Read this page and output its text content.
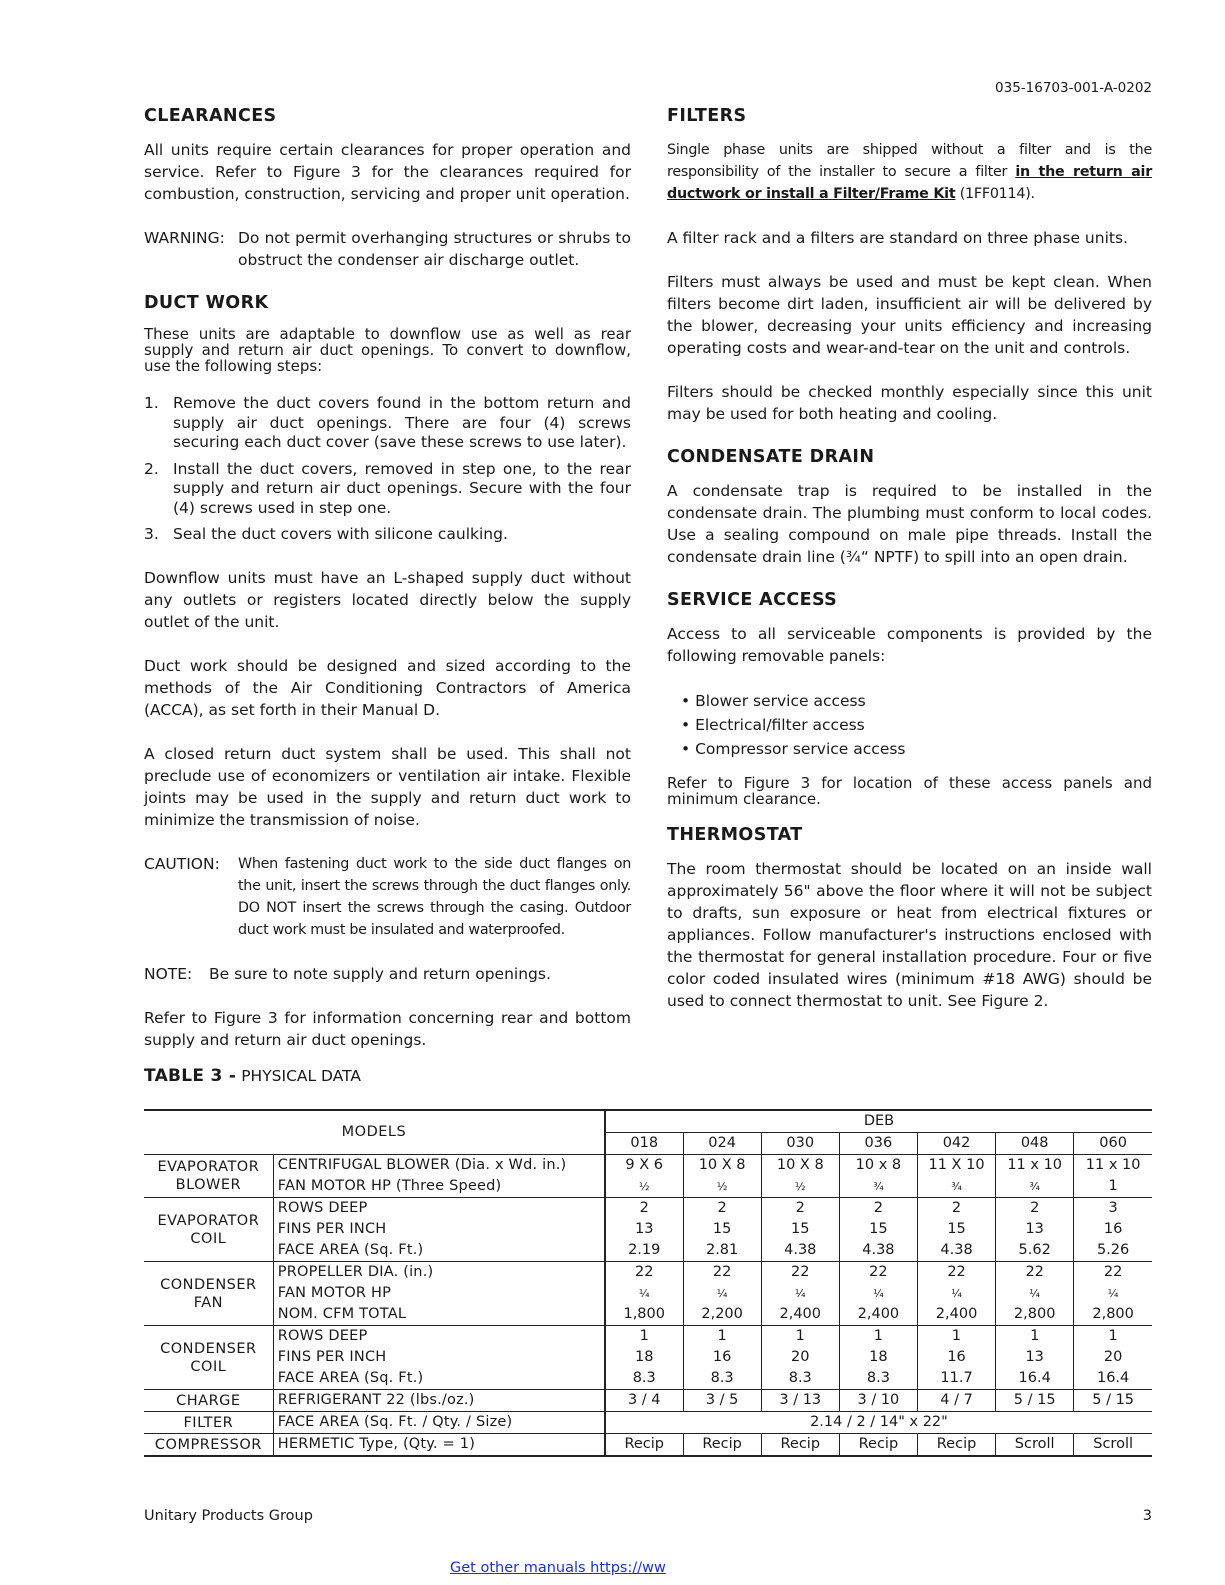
035-16703-001-A-0202
CLEARANCES

All units require certain clearances for proper operation and service. Refer to Figure 3 for the clearances required for combustion, construction, servicing and proper unit operation.

WARNING: Do not permit overhanging structures or shrubs to obstruct the condenser air discharge outlet.
DUCT WORK

These units are adaptable to downflow use as well as rear supply and return air duct openings. To convert to downflow, use the following steps:

1. Remove the duct covers found in the bottom return and supply air duct openings. There are four (4) screws securing each duct cover (save these screws to use later).
2. Install the duct covers, removed in step one, to the rear supply and return air duct openings. Secure with the four (4) screws used in step one.
3. Seal the duct covers with silicone caulking.

Downflow units must have an L-shaped supply duct without any outlets or registers located directly below the supply outlet of the unit.

Duct work should be designed and sized according to the methods of the Air Conditioning Contractors of America (ACCA), as set forth in their Manual D.

A closed return duct system shall be used. This shall not preclude use of economizers or ventilation air intake. Flexible joints may be used in the supply and return duct work to minimize the transmission of noise.

CAUTION:	When fastening duct work to the side duct flanges on the unit, insert the screws through the duct flanges only. DO NOT insert the screws through the casing. Outdoor duct work must be insulated and waterproofed.
NOTE:	Be sure to note supply and return openings.

Refer to Figure 3 for information concerning rear and bottom supply and return air duct openings.

FILTERS

Single phase units are shipped without a filter and is the responsibility of the installer to secure a filter in the return air ductwork or install a Filter/Frame Kit (1FF0114).

A filter rack and a filters are standard on three phase units.

Filters must always be used and must be kept clean. When filters become dirt laden, insufficient air will be delivered by the blower, decreasing your units efficiency and increasing operating costs and wear-and-tear on the unit and controls.

Filters should be checked monthly especially since this unit may be used for both heating and cooling.

CONDENSATE DRAIN

A condensate trap is required to be installed in the condensate drain. The plumbing must conform to local codes. Use a sealing compound on male pipe threads. Install the condensate drain line (¾“ NPTF) to spill into an open drain.

SERVICE ACCESS

Access to all serviceable components is provided by the following removable panels:

• Blower service access
• Electrical/filter access
• Compressor service access

Refer to Figure 3 for location of these access panels and minimum clearance.

THERMOSTAT

The room thermostat should be located on an inside wall approximately 56" above the floor where it will not be subject to drafts, sun exposure or heat from electrical fixtures or appliances. Follow manufacturer's instructions enclosed with the thermostat for general installation procedure. Four or five color coded insulated wires (minimum #18 AWG) should be used to connect thermostat to unit. See Figure 2.

TABLE 3 - PHYSICAL DATA
MODELS		DEB						
		018	024	030	036	042	048	060
EVAPORATOR BLOWER	CENTRIFUGAL BLOWER (Dia. x Wd. in.)	9 X 6	10 X 8	10 X 8	10 x 8	11 X 10	11 x 10	11 x 10
	FAN MOTOR HP (Three Speed)	½	½	½	¾	¾	¾	1
EVAPORATOR COIL	ROWS DEEP	2	2	2	2	2	2	3
	FINS PER INCH	13	15	15	15	15	13	16
	FACE AREA (Sq. Ft.)	2.19	2.81	4.38	4.38	4.38	5.62	5.26
CONDENSER FAN	PROPELLER DIA. (in.)	22	22	22	22	22	22	22
	FAN MOTOR HP	¼	¼	¼	¼	¼	¼	¼
	NOM. CFM TOTAL	1,800	2,200	2,400	2,400	2,400	2,800	2,800
CONDENSER COIL	ROWS DEEP	1	1	1	1	1	1	1
	FINS PER INCH	18	16	20	18	16	13	20
	FACE AREA (Sq. Ft.)	8.3	8.3	8.3	8.3	11.7	16.4	16.4
CHARGE	REFRIGERANT 22 (lbs./oz.)	3 / 4	3 / 5	3 / 13	3 / 10	4 / 7	5 / 15	5 / 15
FILTER	FACE AREA (Sq. Ft. / Qty. / Size)	2.14 / 2 / 14" x 22"						
COMPRESSOR	HERMETIC Type, (Qty. = 1)	Recip	Recip	Recip	Recip	Recip	Scroll	Scroll
Unitary Products Group	3
Get other manuals https://ww
